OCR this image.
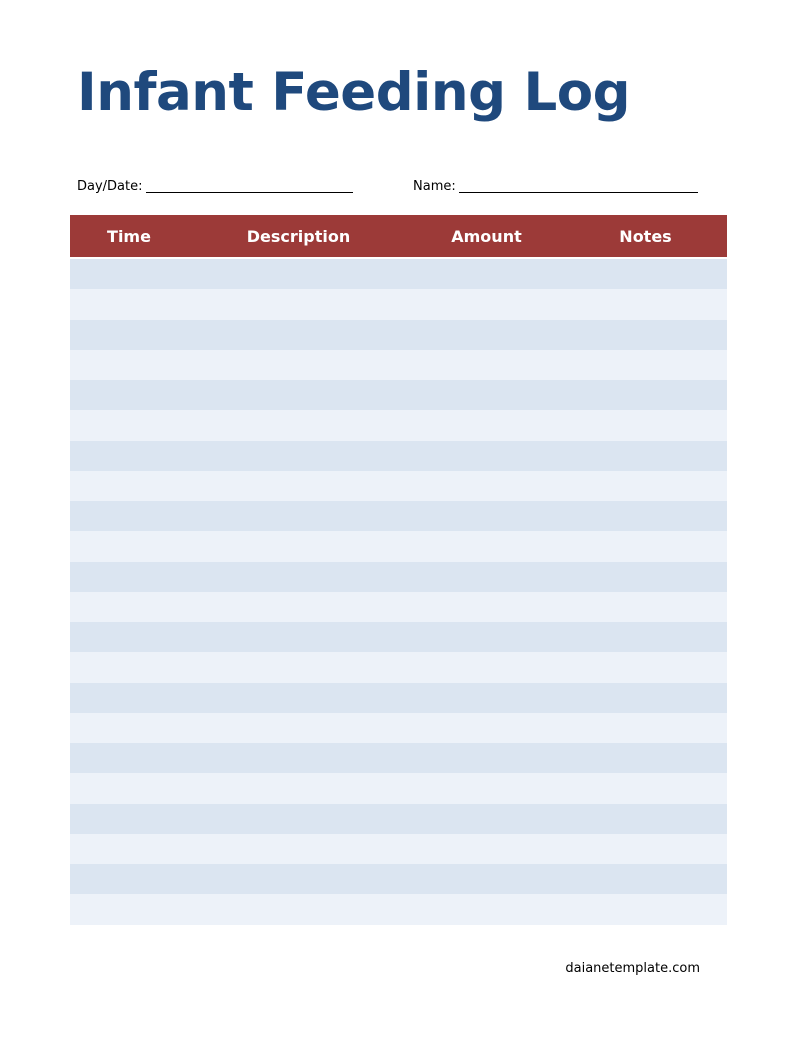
Infant Feeding Log
Day/Date:	Name:
Time	Description	Amount	Notes

daianetemplate.com
